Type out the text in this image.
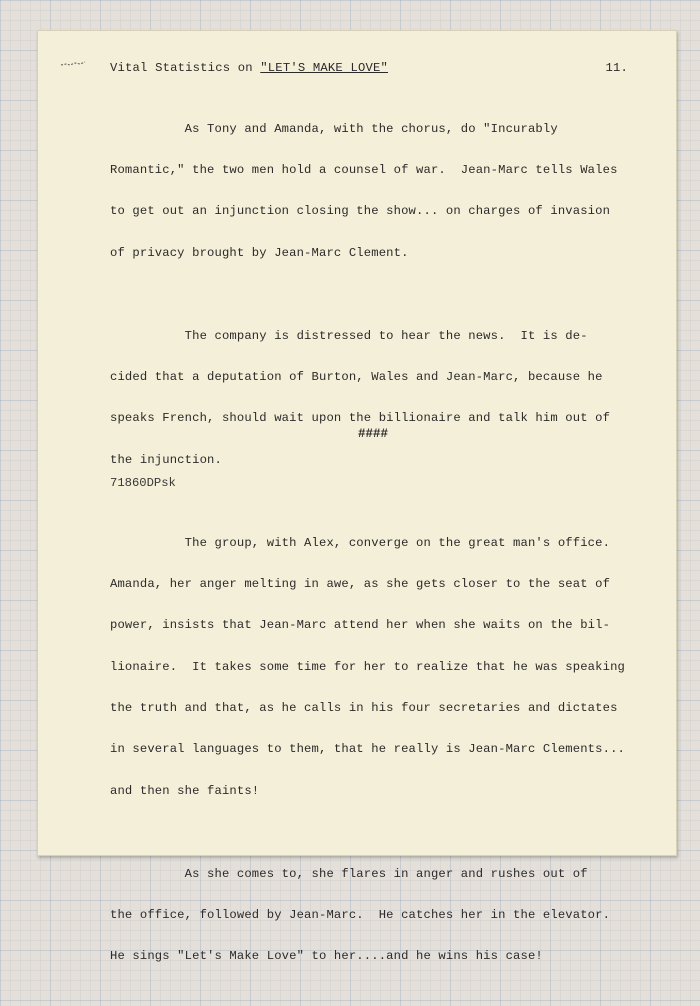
Vital Statistics on "LET'S MAKE LOVE"	11.

As Tony and Amanda, with the chorus, do "Incurably

Romantic," the two men hold a counsel of war.  Jean-Marc tells Wales

to get out an injunction closing the show... on charges of invasion

of privacy brought by Jean-Marc Clement.

The company is distressed to hear the news.  It is de-

cided that a deputation of Burton, Wales and Jean-Marc, because he

speaks French, should wait upon the billionaire and talk him out of

the injunction.

The group, with Alex, converge on the great man's office.

Amanda, her anger melting in awe, as she gets closer to the seat of

power, insists that Jean-Marc attend her when she waits on the bil-

lionaire.  It takes some time for her to realize that he was speaking

the truth and that, as he calls in his four secretaries and dictates

in several languages to them, that he really is Jean-Marc Clements...

and then she faints!

As she comes to, she flares in anger and rushes out of

the office, followed by Jean-Marc.  He catches her in the elevator.

He sings "Let's Make Love" to her....and he wins his case!

####
71860DPsk
